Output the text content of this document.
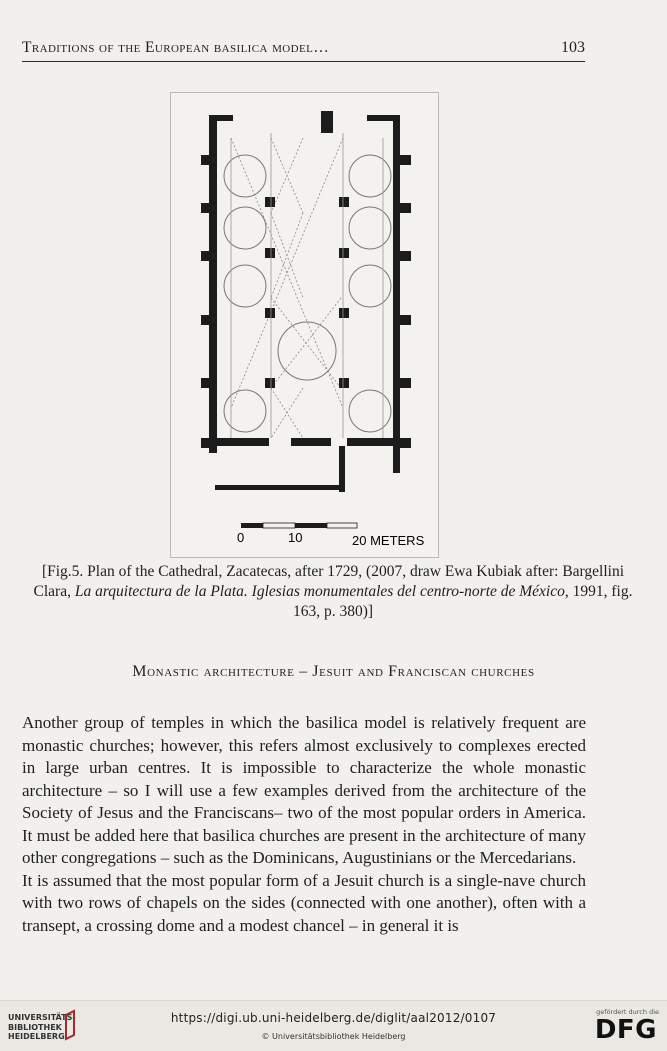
Traditions of the European basilica model…	103
0	10	20 METERS
[Fig.5. Plan of the Cathedral, Zacatecas, after 1729, (2007, draw Ewa Kubiak after: Bargellini Clara, La arquitectura de la Plata. Iglesias monumentales del centro-norte de México, 1991, fig. 163, p. 380)]
Monastic architecture – Jesuit and Franciscan churches

Another group of temples in which the basilica model is relatively frequent are monastic churches; however, this refers almost exclusively to complexes erected in large urban centres. It is impossible to characterize the whole monastic architecture – so I will use a few examples derived from the architecture of the Society of Jesus and the Franciscans– two of the most popular orders in America. It must be added here that basilica churches are present in the architecture of many other congregations – such as the Dominicans, Augustinians or the Mercedarians.

It is assumed that the most popular form of a Jesuit church is a single-nave church with two rows of chapels on the sides (connected with one another), often with a transept, a crossing dome and a modest chancel – in general it is

UNIVERSITÄTS-
BIBLIOTHEK
HEIDELBERG
https://digi.ub.uni-heidelberg.de/diglit/aal2012/0107
© Universitätsbibliothek Heidelberg
gefördert durch die
DFG
